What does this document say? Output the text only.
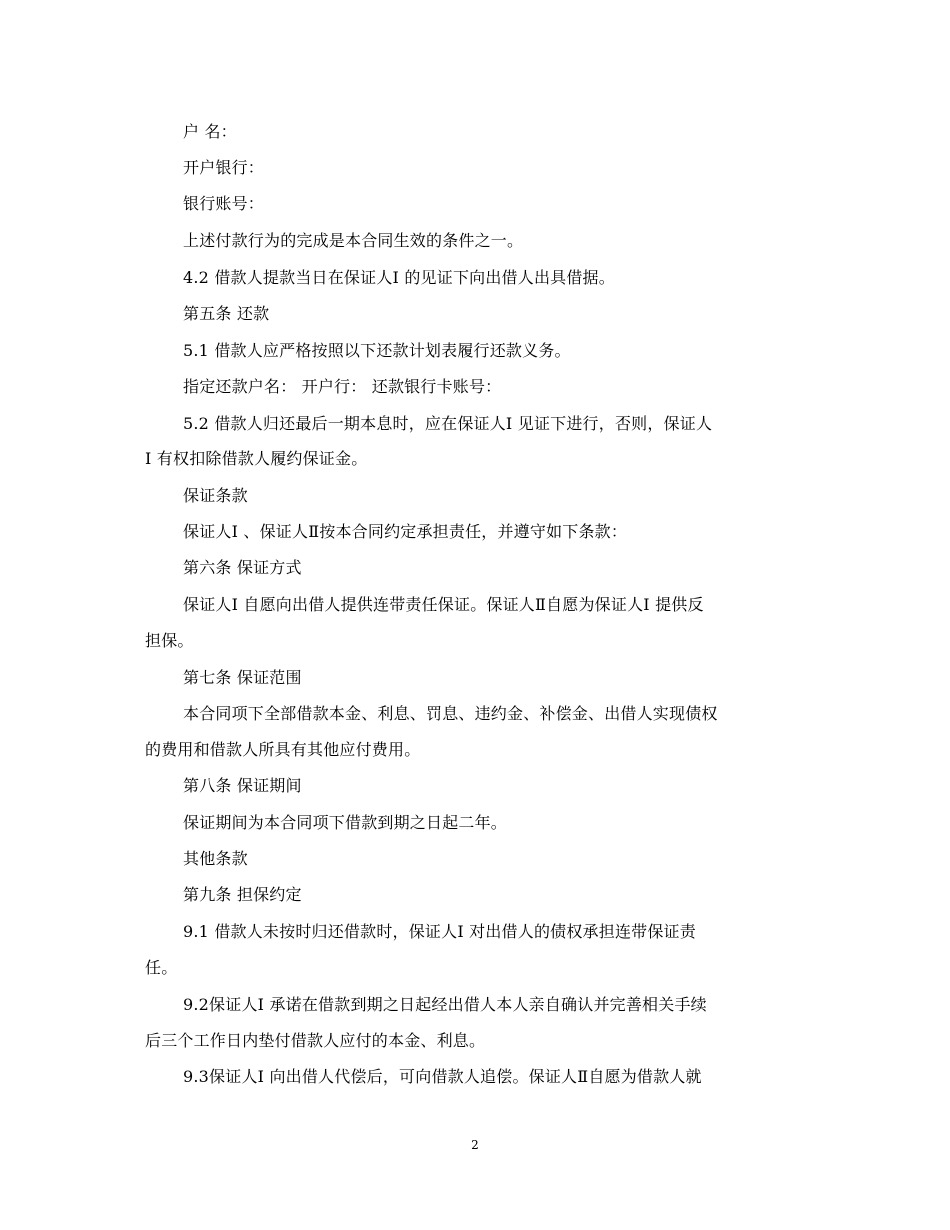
户 名：
开户银行：
银行账号：
上述付款行为的完成是本合同生效的条件之一。
4.2 借款人提款当日在保证人I 的见证下向出借人出具借据。
第五条 还款
5.1 借款人应严格按照以下还款计划表履行还款义务。
指定还款户名： 开户行： 还款银行卡账号：
5.2 借款人归还最后一期本息时，应在保证人I 见证下进行，否则，保证人
I 有权扣除借款人履约保证金。
保证条款
保证人I 、保证人Ⅱ按本合同约定承担责任，并遵守如下条款：
第六条 保证方式
保证人I 自愿向出借人提供连带责任保证。保证人Ⅱ自愿为保证人I 提供反
担保。
第七条 保证范围
本合同项下全部借款本金、利息、罚息、违约金、补偿金、出借人实现债权
的费用和借款人所具有其他应付费用。
第八条 保证期间
保证期间为本合同项下借款到期之日起二年。
其他条款
第九条 担保约定
9.1 借款人未按时归还借款时，保证人I 对出借人的债权承担连带保证责
任。
9.2保证人I 承诺在借款到期之日起经出借人本人亲自确认并完善相关手续
后三个工作日内垫付借款人应付的本金、利息。
9.3保证人I 向出借人代偿后，可向借款人追偿。保证人Ⅱ自愿为借款人就
2
